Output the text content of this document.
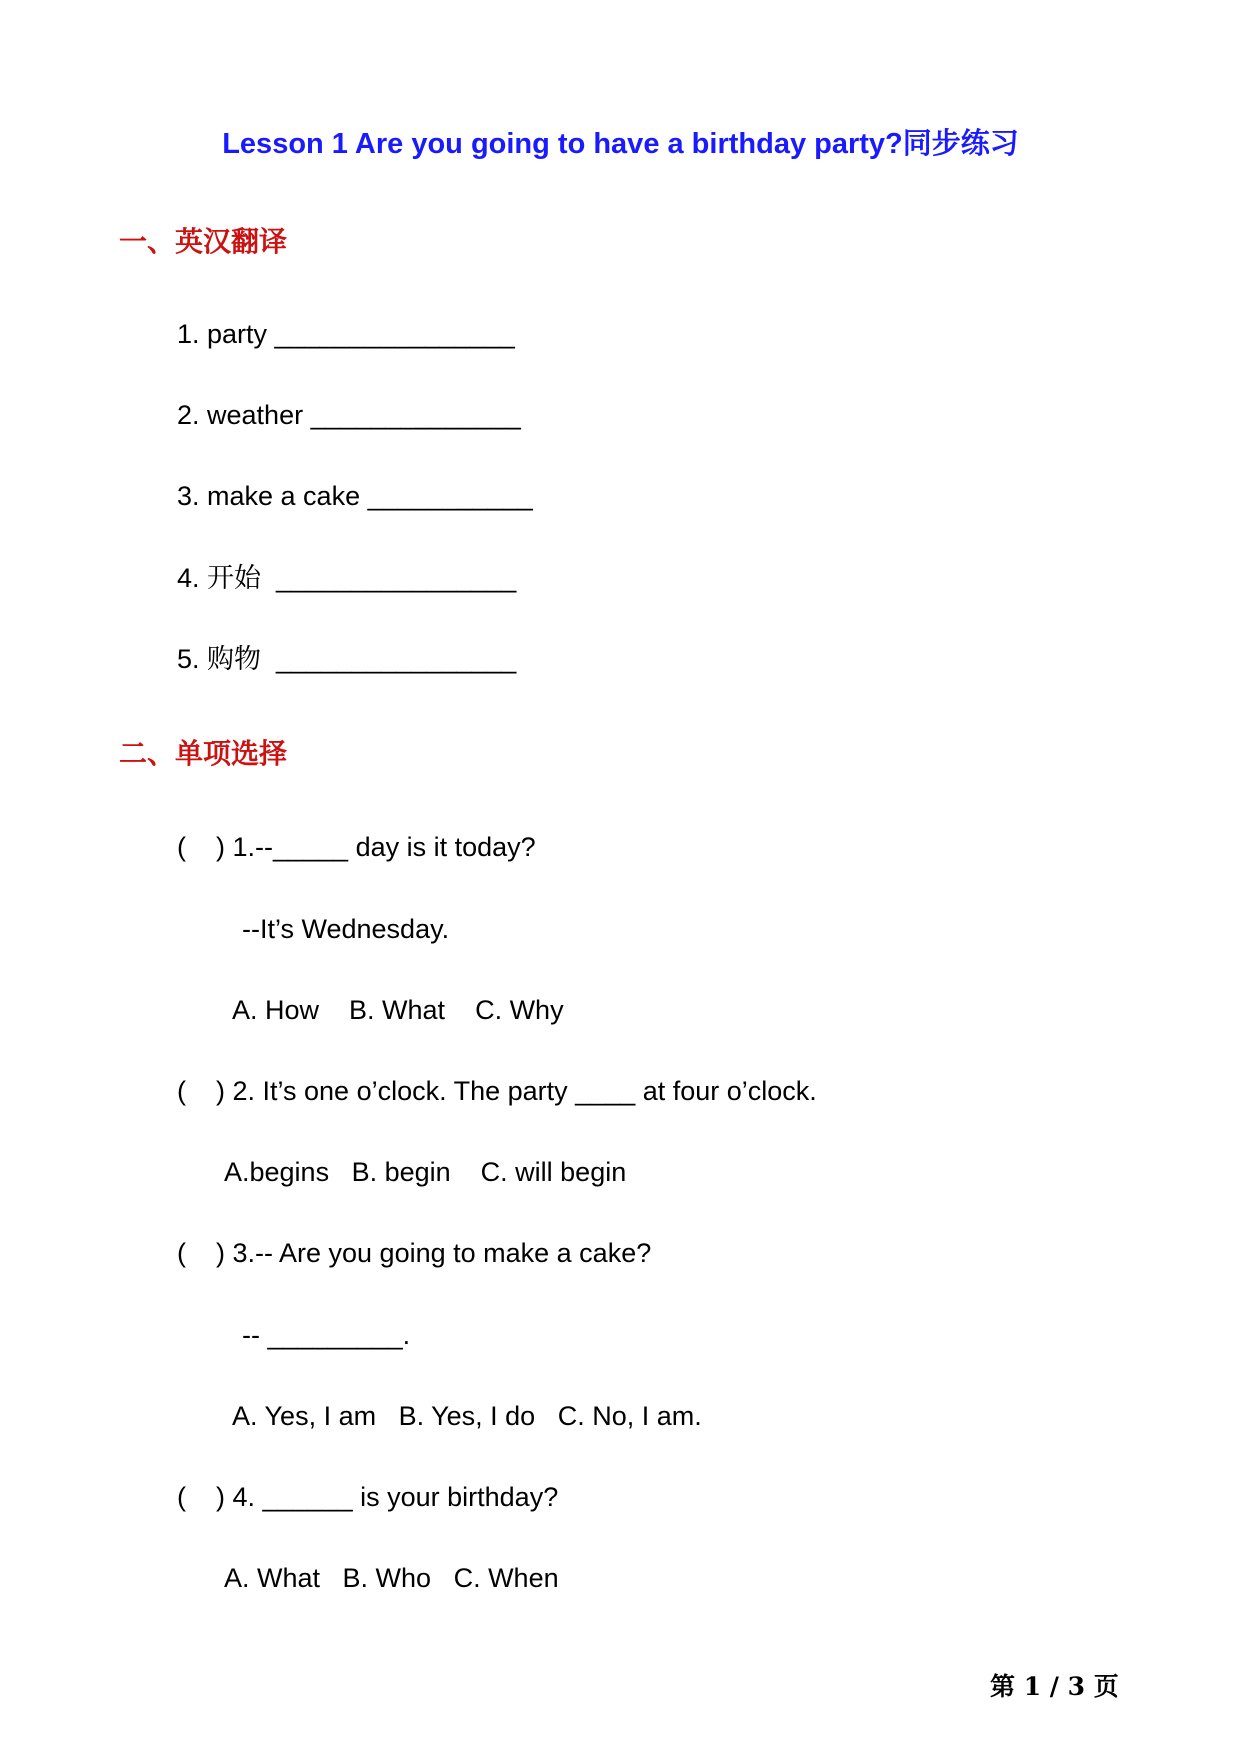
Lesson 1 Are you going to have a birthday party?同步练习
一、英汉翻译
1. party ________________
2. weather ______________
3. make a cake ___________
4. 开始  ________________
5. 购物  ________________
二、单项选择
(    ) 1.--_____ day is it today?
--It’s Wednesday.
A. How    B. What    C. Why
(    ) 2. It’s one o’clock. The party ____ at four o’clock.
A.begins   B. begin    C. will begin
(    ) 3.-- Are you going to make a cake?
-- _________.
A. Yes, I am   B. Yes, I do   C. No, I am.
(    ) 4. ______ is your birthday?
A. What   B. Who   C. When
第 1 / 3 页
